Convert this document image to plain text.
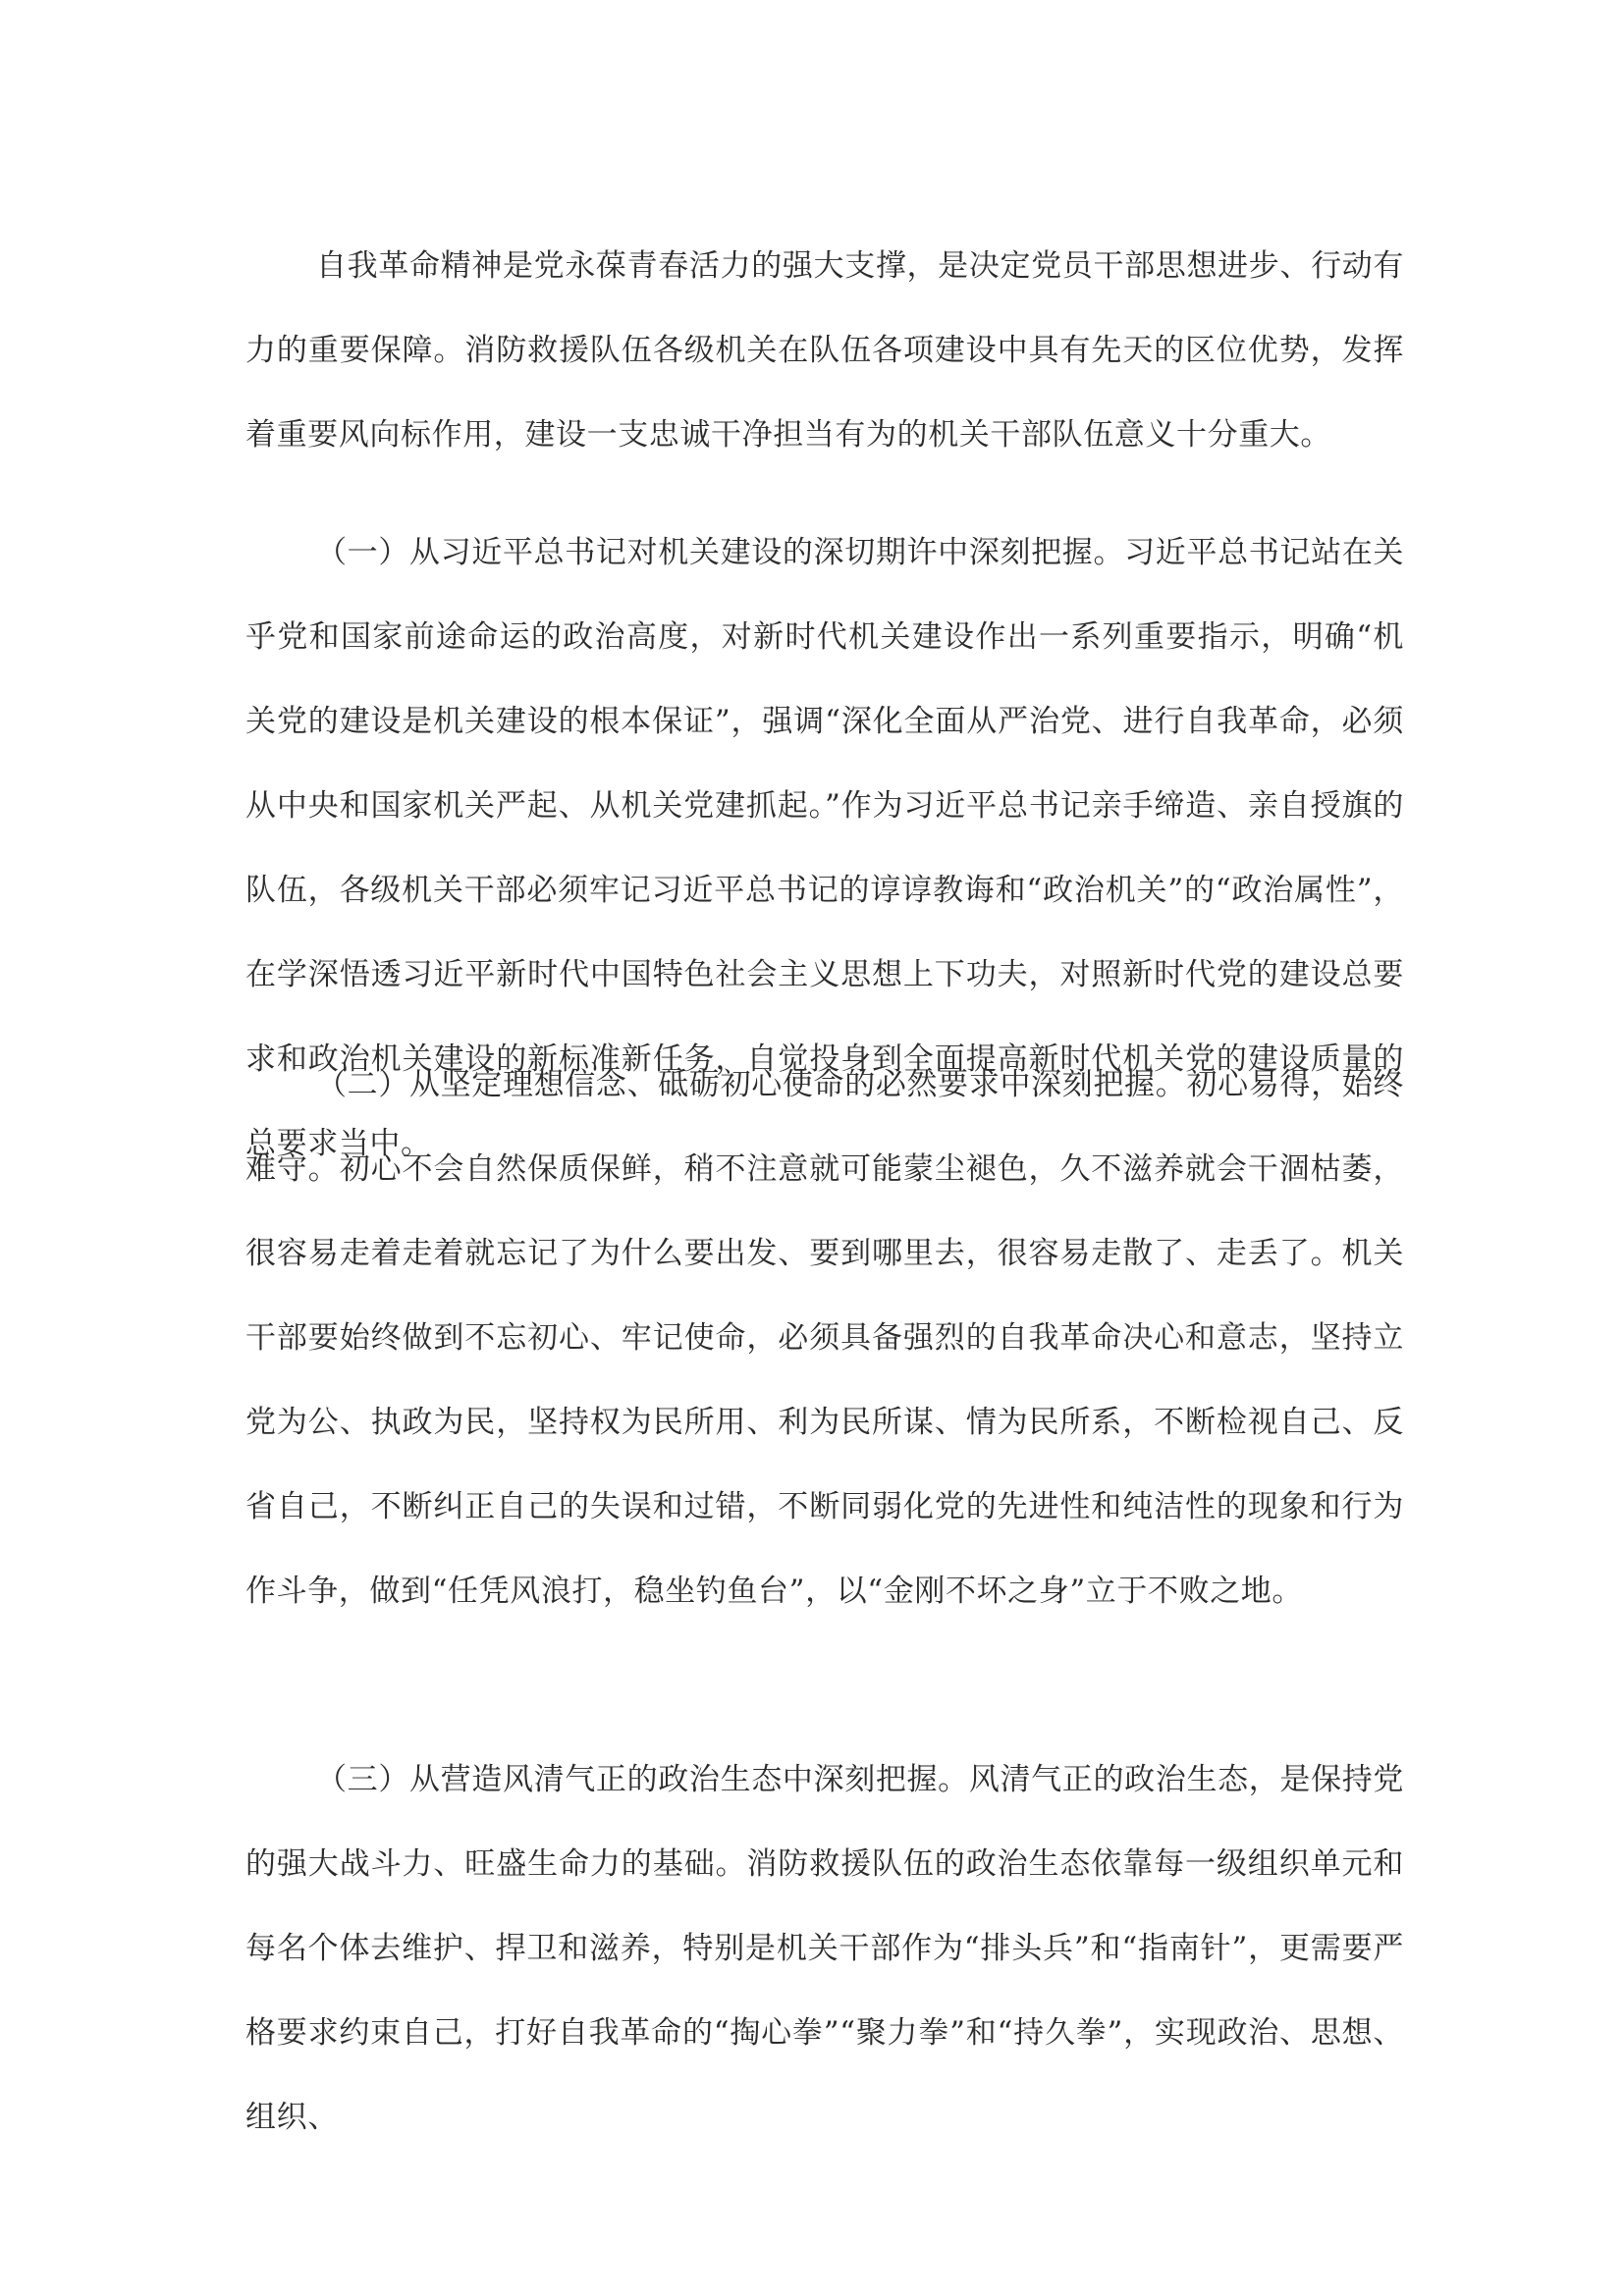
自我革命精神是党永葆青春活力的强大支撑，是决定党员干部思想进步、行动有力的重要保障。消防救援队伍各级机关在队伍各项建设中具有先天的区位优势，发挥着重要风向标作用，建设一支忠诚干净担当有为的机关干部队伍意义十分重大。

（一）从习近平总书记对机关建设的深切期许中深刻把握。习近平总书记站在关乎党和国家前途命运的政治高度，对新时代机关建设作出一系列重要指示，明确“机关党的建设是机关建设的根本保证”，强调“深化全面从严治党、进行自我革命，必须从中央和国家机关严起、从机关党建抓起。”作为习近平总书记亲手缔造、亲自授旗的队伍，各级机关干部必须牢记习近平总书记的谆谆教诲和“政治机关”的“政治属性”，在学深悟透习近平新时代中国特色社会主义思想上下功夫，对照新时代党的建设总要求和政治机关建设的新标准新任务，自觉投身到全面提高新时代机关党的建设质量的总要求当中。

（二）从坚定理想信念、砥砺初心使命的必然要求中深刻把握。初心易得，始终难守。初心不会自然保质保鲜，稍不注意就可能蒙尘褪色，久不滋养就会干涸枯萎，很容易走着走着就忘记了为什么要出发、要到哪里去，很容易走散了、走丢了。机关干部要始终做到不忘初心、牢记使命，必须具备强烈的自我革命决心和意志，坚持立党为公、执政为民，坚持权为民所用、利为民所谋、情为民所系，不断检视自己、反省自己，不断纠正自己的失误和过错，不断同弱化党的先进性和纯洁性的现象和行为作斗争，做到“任凭风浪打，稳坐钓鱼台”，以“金刚不坏之身”立于不败之地。

（三）从营造风清气正的政治生态中深刻把握。风清气正的政治生态，是保持党的强大战斗力、旺盛生命力的基础。消防救援队伍的政治生态依靠每一级组织单元和每名个体去维护、捍卫和滋养，特别是机关干部作为“排头兵”和“指南针”，更需要严格要求约束自己，打好自我革命的“掏心拳”“聚力拳”和“持久拳”，实现政治、思想、组织、
